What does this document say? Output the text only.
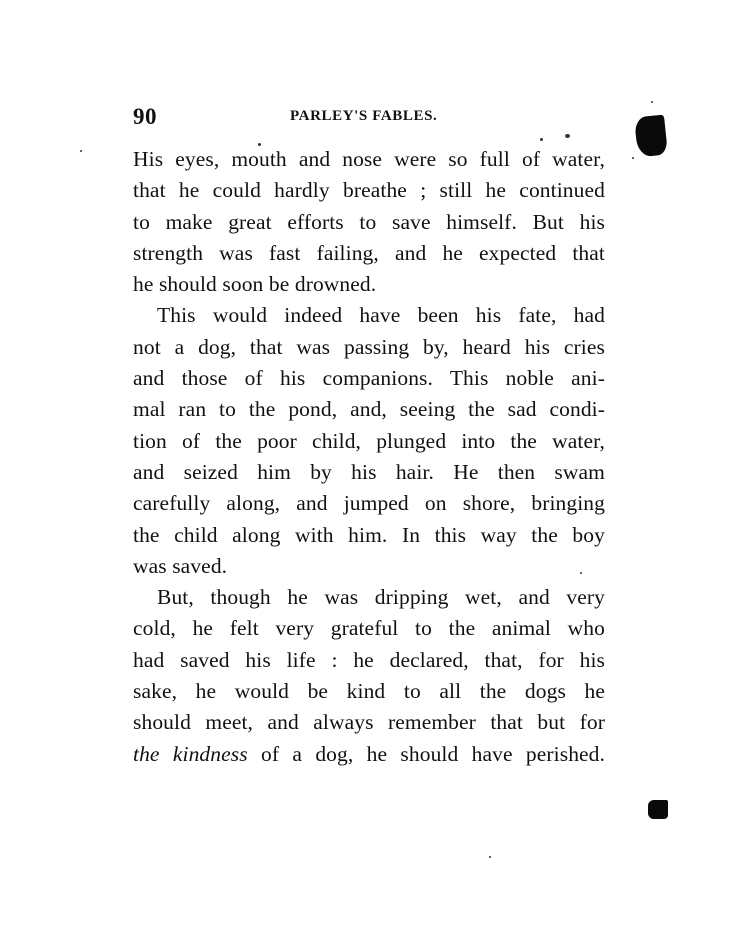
90	PARLEY'S FABLES.
His eyes, mouth and nose were so full of water,
that he could hardly breathe ; still he continued
to make great efforts to save himself. But his
strength was fast failing, and he expected that
he should soon be drowned.
This would indeed have been his fate, had
not a dog, that was passing by, heard his cries
and those of his companions. This noble ani-
mal ran to the pond, and, seeing the sad condi-
tion of the poor child, plunged into the water,
and seized him by his hair. He then swam
carefully along, and jumped on shore, bringing
the child along with him. In this way the boy
was saved.
But, though he was dripping wet, and very
cold, he felt very grateful to the animal who
had saved his life : he declared, that, for his
sake, he would be kind to all the dogs he
should meet, and always remember that but for
the kindness of a dog, he should have perished.
